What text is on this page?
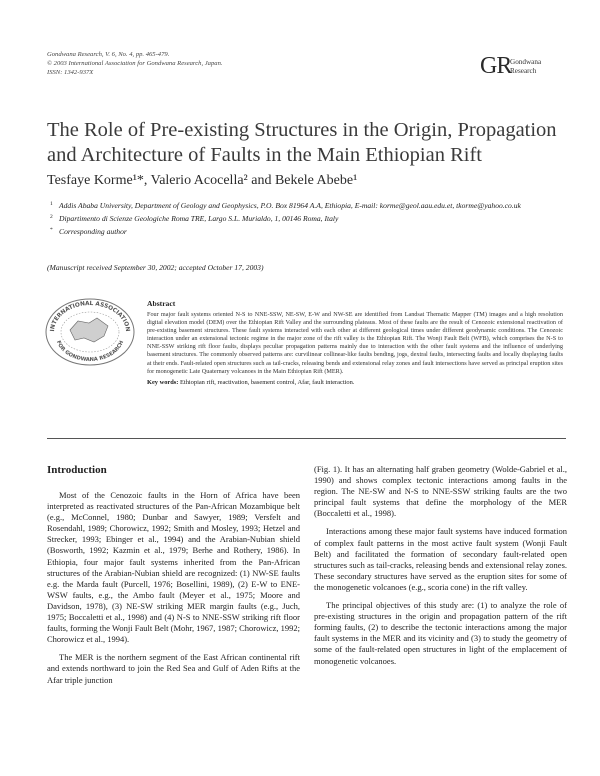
Gondwana Research, V. 6, No. 4, pp. 465-479.
© 2003 International Association for Gondwana Research, Japan.
ISSN: 1342-937X	GR
Gondwana
Research
The Role of Pre-existing Structures in the Origin, Propagation
and Architecture of Faults in the Main Ethiopian Rift
Tesfaye Korme¹*, Valerio Acocella² and Bekele Abebe¹
1 Addis Ababa University, Department of Geology and Geophysics, P.O. Box 81964 A.A, Ethiopia, E-mail: korme@geol.aau.edu.et, tkorme@yahoo.co.uk
2 Dipartimento di Scienze Geologiche Roma TRE, Largo S.L. Murialdo, 1, 00146 Roma, Italy
* Corresponding author
(Manuscript received September 30, 2002; accepted October 17, 2003)
INTERNATIONAL ASSOCIATION
FOR GONDWANA RESEARCH
Abstract
Four major fault systems oriented N-S to NNE-SSW, NE-SW, E-W and NW-SE are identified from Landsat Thematic Mapper (TM) images and a high resolution digital elevation model (DEM) over the Ethiopian Rift Valley and the surrounding plateaus. Most of these faults are the result of Cenozoic extensional reactivation of pre-existing basement structures. These fault systems interacted with each other at different geological times under different geodynamic conditions. The Cenozoic interaction under an extensional tectonic regime in the major zone of the rift valley is the Ethiopian Rift. The Wonji Fault Belt (WFB), which comprises the N-S to NNE-SSW striking rift floor faults, displays peculiar propagation patterns mainly due to interaction with the other fault systems and the influence of underlying basement structures. The commonly observed patterns are: curvilinear collinear-like faults bending, jogs, dextral faults, intersecting faults and locally displaying faults at their ends. Fault-related open structures such as tail-cracks, releasing bends and extensional relay zones and fault intersections have served as principal eruption sites for monogenetic Late Quaternary volcanoes in the Main Ethiopian Rift (MER).
Key words: Ethiopian rift, reactivation, basement control, Afar, fault interaction.
Introduction

Most of the Cenozoic faults in the Horn of Africa have been interpreted as reactivated structures of the Pan-African Mozambique belt (e.g., McConnel, 1980; Dunbar and Sawyer, 1989; Versfelt and Rosendahl, 1989; Chorowicz, 1992; Smith and Mosley, 1993; Hetzel and Strecker, 1993; Ebinger et al., 1994) and the Arabian-Nubian shield (Bosworth, 1992; Kazmin et al., 1979; Berhe and Rothery, 1986). In Ethiopia, four major fault systems inherited from the Pan-African structures of the Arabian-Nubian shield are recognized: (1) NW-SE faults e.g. the Marda fault (Purcell, 1976; Bosellini, 1989), (2) E-W to ENE-WSW faults, e.g., the Ambo fault (Meyer et al., 1975; Moore and Davidson, 1978), (3) NE-SW striking MER margin faults (e.g., Juch, 1975; Boccaletti et al., 1998) and (4) N-S to NNE-SSW striking rift floor faults, forming the Wonji Fault Belt (Mohr, 1967, 1987; Chorowicz, 1992; Chorowicz et al., 1994).

The MER is the northern segment of the East African continental rift and extends northward to join the Red Sea and Gulf of Aden Rifts at the Afar triple junction

(Fig. 1). It has an alternating half graben geometry (Wolde-Gabriel et al., 1990) and shows complex tectonic interactions among faults in the region. The NE-SW and N-S to NNE-SSW striking faults are the two principal fault systems that define the morphology of the MER (Boccaletti et al., 1998).

Interactions among these major fault systems have induced formation of complex fault patterns in the most active fault system (Wonji Fault Belt) and facilitated the formation of secondary fault-related open structures such as tail-cracks, releasing bends and extensional relay zones. These secondary structures have served as the eruption sites for some of the monogenetic volcanoes (e.g., scoria cone) in the rift valley.

The principal objectives of this study are: (1) to analyze the role of pre-existing structures in the origin and propagation pattern of the rift forming faults, (2) to describe the tectonic interactions among the major fault systems in the MER and its vicinity and (3) to study the geometry of some of the fault-related open structures in light of the emplacement of monogenetic volcanoes.
